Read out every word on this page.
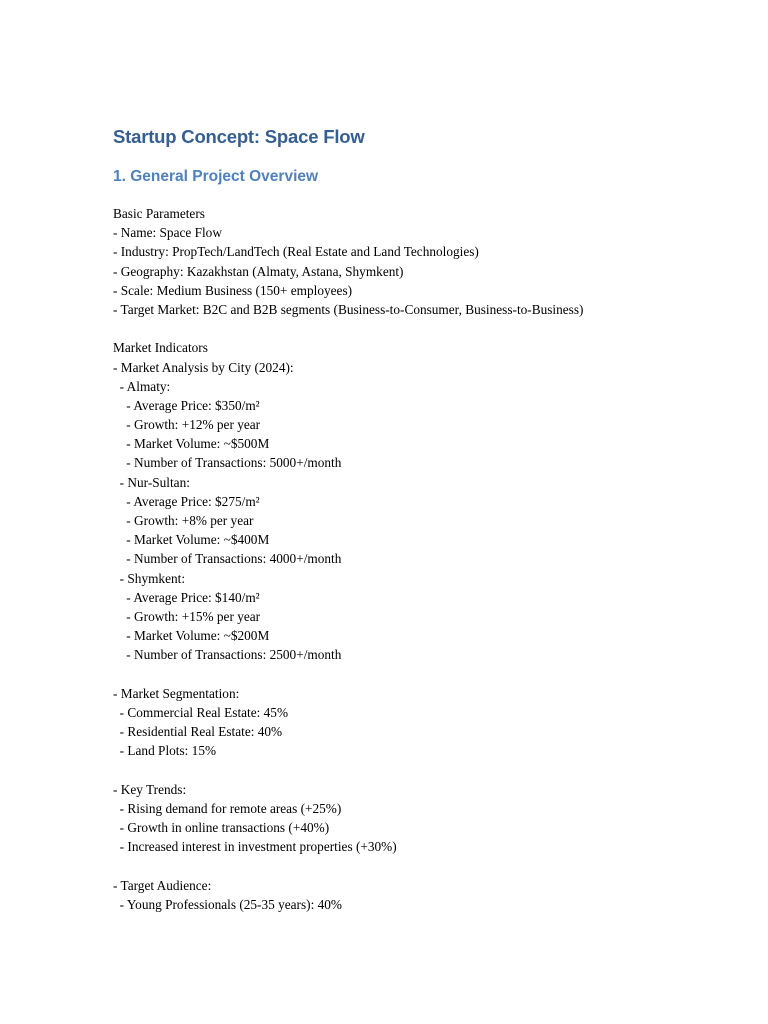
Startup Concept: Space Flow
1. General Project Overview
Basic Parameters
- Name: Space Flow
- Industry: PropTech/LandTech (Real Estate and Land Technologies)
- Geography: Kazakhstan (Almaty, Astana, Shymkent)
- Scale: Medium Business (150+ employees)
- Target Market: B2C and B2B segments (Business-to-Consumer, Business-to-Business)
Market Indicators
- Market Analysis by City (2024):
- Almaty:
- Average Price: $350/m²
- Growth: +12% per year
- Market Volume: ~$500M
- Number of Transactions: 5000+/month
- Nur-Sultan:
- Average Price: $275/m²
- Growth: +8% per year
- Market Volume: ~$400M
- Number of Transactions: 4000+/month
- Shymkent:
- Average Price: $140/m²
- Growth: +15% per year
- Market Volume: ~$200M
- Number of Transactions: 2500+/month
- Market Segmentation:
- Commercial Real Estate: 45%
- Residential Real Estate: 40%
- Land Plots: 15%
- Key Trends:
- Rising demand for remote areas (+25%)
- Growth in online transactions (+40%)
- Increased interest in investment properties (+30%)
- Target Audience:
- Young Professionals (25-35 years): 40%
